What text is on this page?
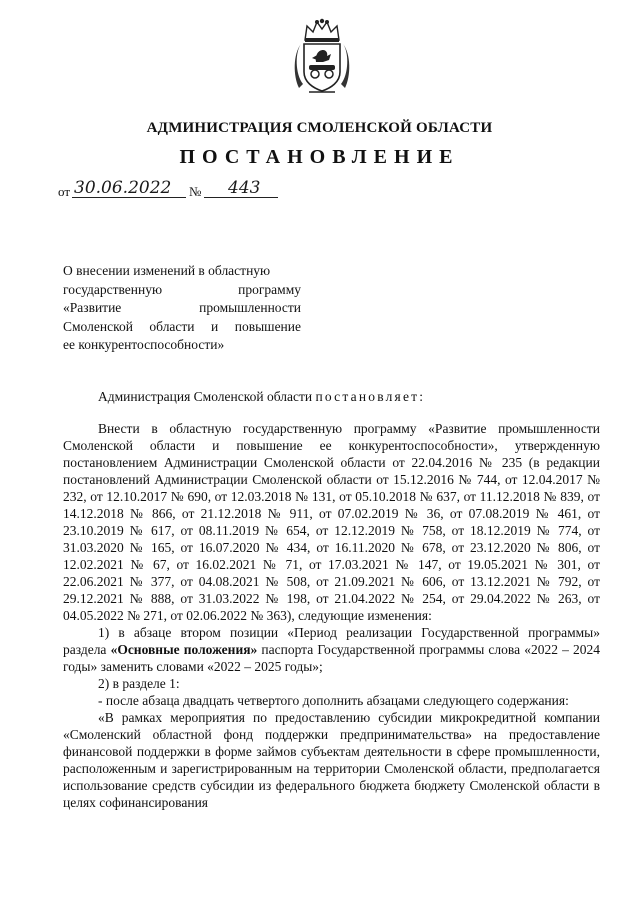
АДМИНИСТРАЦИЯ СМОЛЕНСКОЙ ОБЛАСТИ
ПОСТАНОВЛЕНИЕ
от 30.06.2022 № 443
О внесении изменений в областную
государственную программу
«Развитие промышленности
Смоленской области и повышение
ее конкурентоспособности»

Администрация Смоленской области постановляет:

Внести в областную государственную программу «Развитие промышленности Смоленской области и повышение ее конкурентоспособности», утвержденную постановлением Администрации Смоленской области от 22.04.2016 № 235 (в редакции постановлений Администрации Смоленской области от 15.12.2016 № 744, от 12.04.2017 № 232, от 12.10.2017 № 690, от 12.03.2018 № 131, от 05.10.2018 № 637, от 11.12.2018 № 839, от 14.12.2018 № 866, от 21.12.2018 № 911, от 07.02.2019 № 36, от 07.08.2019 № 461, от 23.10.2019 № 617, от 08.11.2019 № 654, от 12.12.2019 № 758, от 18.12.2019 № 774, от 31.03.2020 № 165, от 16.07.2020 № 434, от 16.11.2020 № 678, от 23.12.2020 № 806, от 12.02.2021 № 67, от 16.02.2021 № 71, от 17.03.2021 № 147, от 19.05.2021 № 301, от 22.06.2021 № 377, от 04.08.2021 № 508, от 21.09.2021 № 606, от 13.12.2021 № 792, от 29.12.2021 № 888, от 31.03.2022 № 198, от 21.04.2022 № 254, от 29.04.2022 № 263, от 04.05.2022 № 271, от 02.06.2022 № 363), следующие изменения:

1) в абзаце втором позиции «Период реализации Государственной программы» раздела «Основные положения» паспорта Государственной программы слова «2022 – 2024 годы» заменить словами «2022 – 2025 годы»;

2) в разделе 1:

- после абзаца двадцать четвертого дополнить абзацами следующего содержания:

«В рамках мероприятия по предоставлению субсидии микрокредитной компании «Смоленский областной фонд поддержки предпринимательства» на предоставление финансовой поддержки в форме займов субъектам деятельности в сфере промышленности, расположенным и зарегистрированным на территории Смоленской области, предполагается использование средств субсидии из федерального бюджета бюджету Смоленской области в целях софинансирования
